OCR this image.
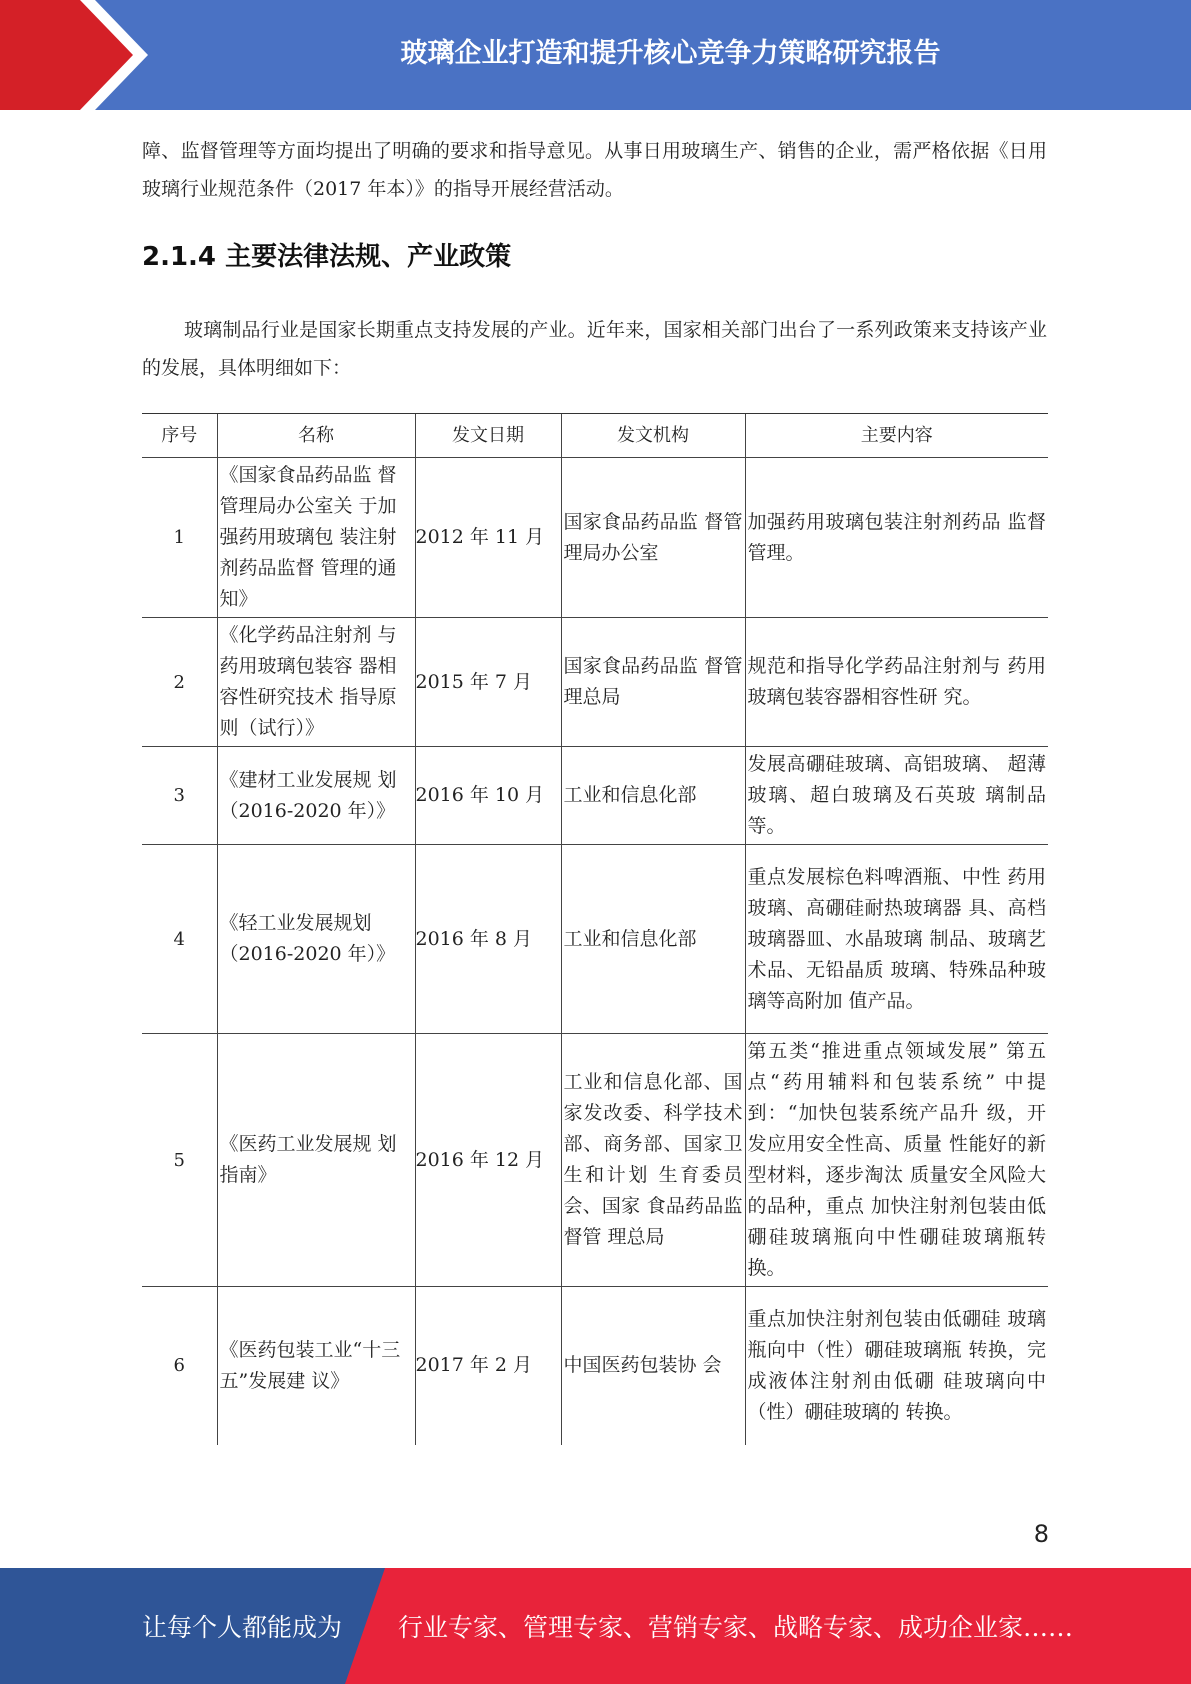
玻璃企业打造和提升核心竞争力策略研究报告

障、监督管理等方面均提出了明确的要求和指导意见。从事日用玻璃生产、销售的企业，需严格依据《日用玻璃行业规范条件（2017 年本）》的指导开展经营活动。

2.1.4 主要法律法规、产业政策

玻璃制品行业是国家长期重点支持发展的产业。近年来，国家相关部门出台了一系列政策来支持该产业的发展，具体明细如下：

序号	名称	发文日期	发文机构	主要内容
1	《国家食品药品监 督管理局办公室关 于加强药用玻璃包 装注射剂药品监督 管理的通知》	2012 年 11 月	国家食品药品监 督管理局办公室	加强药用玻璃包装注射剂药品 监督管理。
2	《化学药品注射剂 与药用玻璃包装容 器相容性研究技术 指导原则（试行）》	2015 年 7 月	国家食品药品监 督管理总局	规范和指导化学药品注射剂与 药用玻璃包装容器相容性研 究。
3	《建材工业发展规 划（2016-2020 年）》	2016 年 10 月	工业和信息化部	发展高硼硅玻璃、高铝玻璃、 超薄玻璃、超白玻璃及石英玻 璃制品等。
4	《轻工业发展规划（2016-2020 年）》	2016 年 8 月	工业和信息化部	重点发展棕色料啤酒瓶、中性 药用玻璃、高硼硅耐热玻璃器 具、高档玻璃器皿、水晶玻璃 制品、玻璃艺术品、无铅晶质 玻璃、特殊品种玻璃等高附加 值产品。
5	《医药工业发展规 划指南》	2016 年 12 月	工业和信息化部、国家发改委、科学技术部、商务部、国家卫生和计划 生育委员会、国家 食品药品监督管 理总局	第五类“推进重点领域发展” 第五点“药用辅料和包装系统” 中提到：“加快包装系统产品升 级，开发应用安全性高、质量 性能好的新型材料，逐步淘汰 质量安全风险大的品种，重点 加快注射剂包装由低硼硅玻璃瓶向中性硼硅玻璃瓶转换。
6	《医药包装工业“十三五”发展建 议》	2017 年 2 月	中国医药包装协 会	重点加快注射剂包装由低硼硅 玻璃瓶向中（性）硼硅玻璃瓶 转换，完成液体注射剂由低硼 硅玻璃向中（性）硼硅玻璃的 转换。
8
让每个人都能成为 行业专家、管理专家、营销专家、战略专家、成功企业家……
